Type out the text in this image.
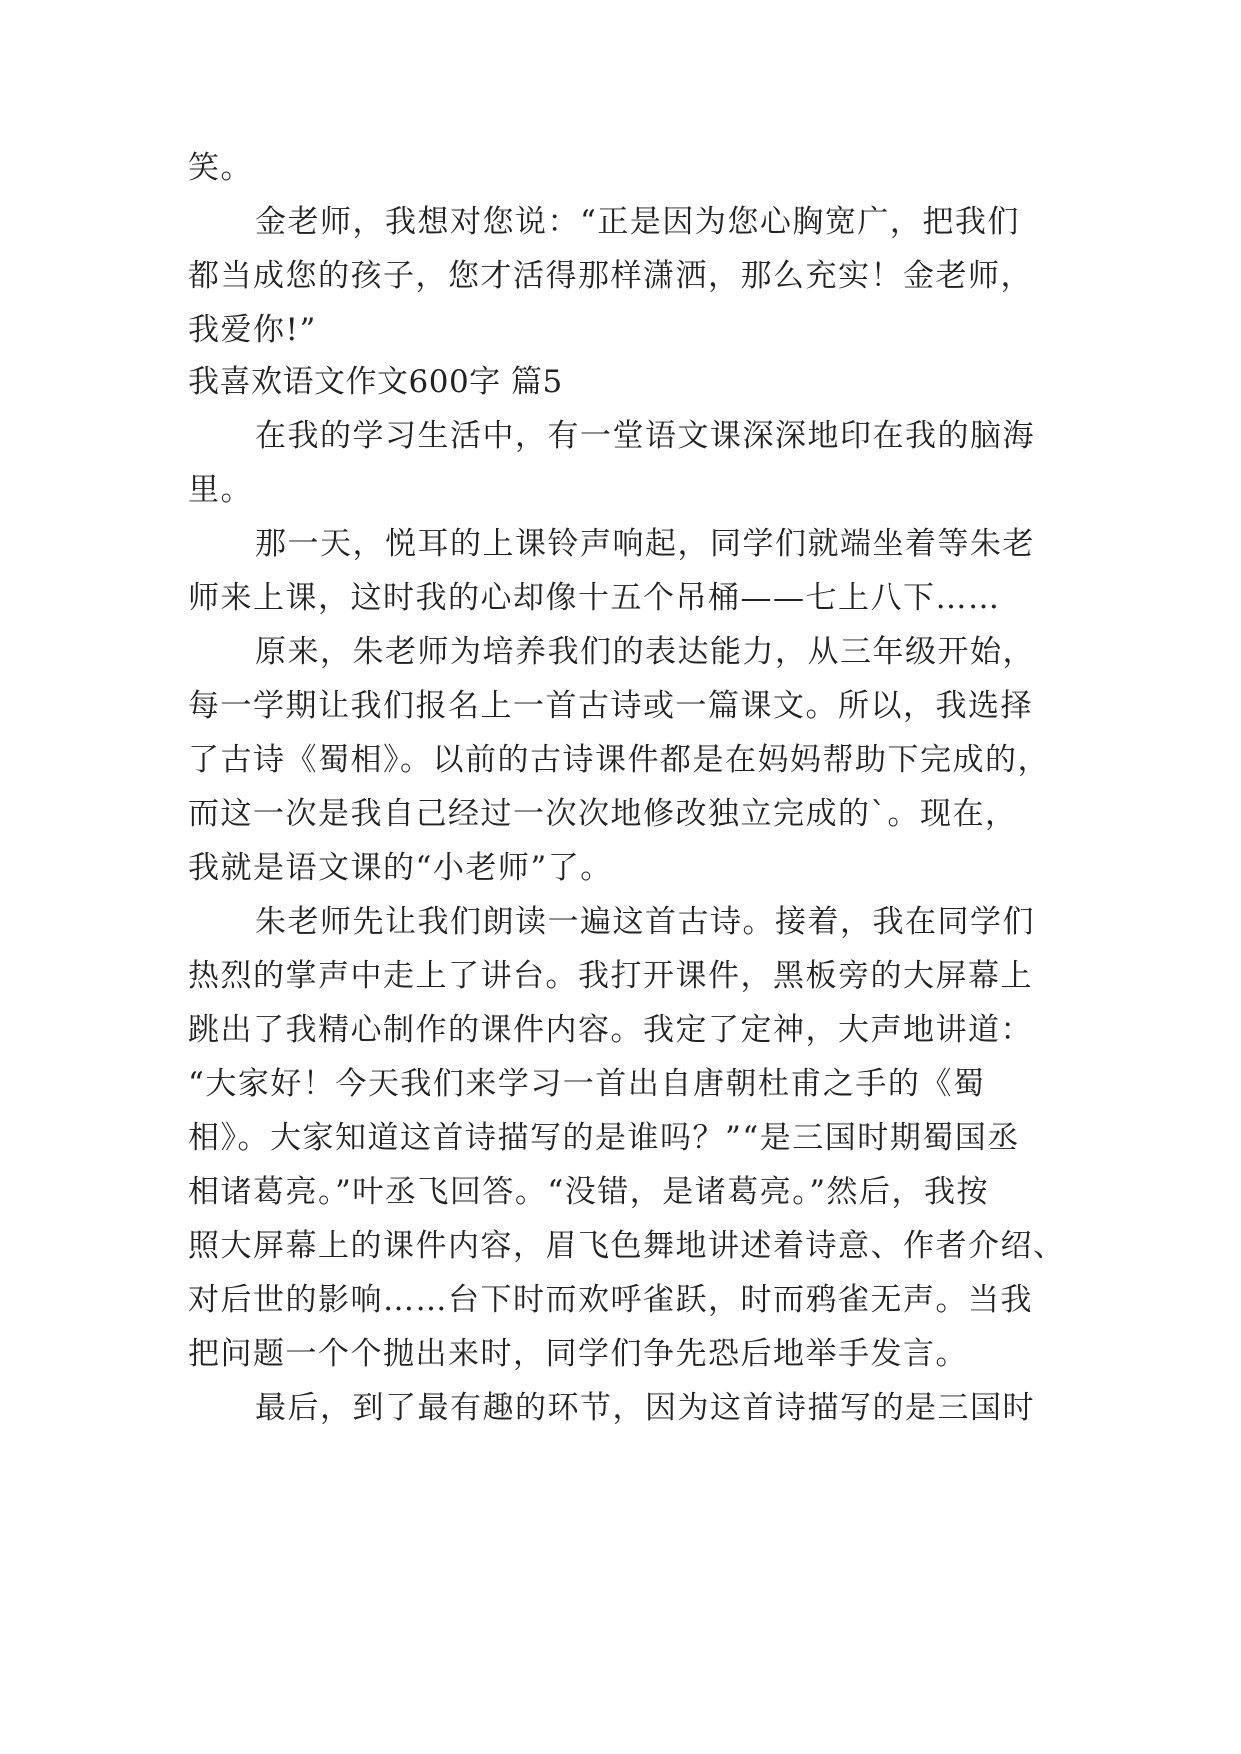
笑。
金老师，我想对您说：“正是因为您心胸宽广，把我们
都当成您的孩子，您才活得那样潇洒，那么充实！金老师，
我爱你!”
我喜欢语文作文600字 篇5
在我的学习生活中，有一堂语文课深深地印在我的脑海
里。
那一天，悦耳的上课铃声响起，同学们就端坐着等朱老
师来上课，这时我的心却像十五个吊桶——七上八下……
原来，朱老师为培养我们的表达能力，从三年级开始，
每一学期让我们报名上一首古诗或一篇课文。所以，我选择
了古诗《蜀相》。以前的古诗课件都是在妈妈帮助下完成的，
而这一次是我自己经过一次次地修改独立完成的`。现在，
我就是语文课的“小老师”了。
朱老师先让我们朗读一遍这首古诗。接着，我在同学们
热烈的掌声中走上了讲台。我打开课件，黑板旁的大屏幕上
跳出了我精心制作的课件内容。我定了定神，大声地讲道：
“大家好！今天我们来学习一首出自唐朝杜甫之手的《蜀
相》。大家知道这首诗描写的是谁吗？”“是三国时期蜀国丞
相诸葛亮。”叶丞飞回答。“没错，是诸葛亮。”然后，我按
照大屏幕上的课件内容，眉飞色舞地讲述着诗意、作者介绍、
对后世的影响……台下时而欢呼雀跃，时而鸦雀无声。当我
把问题一个个抛出来时，同学们争先恐后地举手发言。
最后，到了最有趣的环节，因为这首诗描写的是三国时
